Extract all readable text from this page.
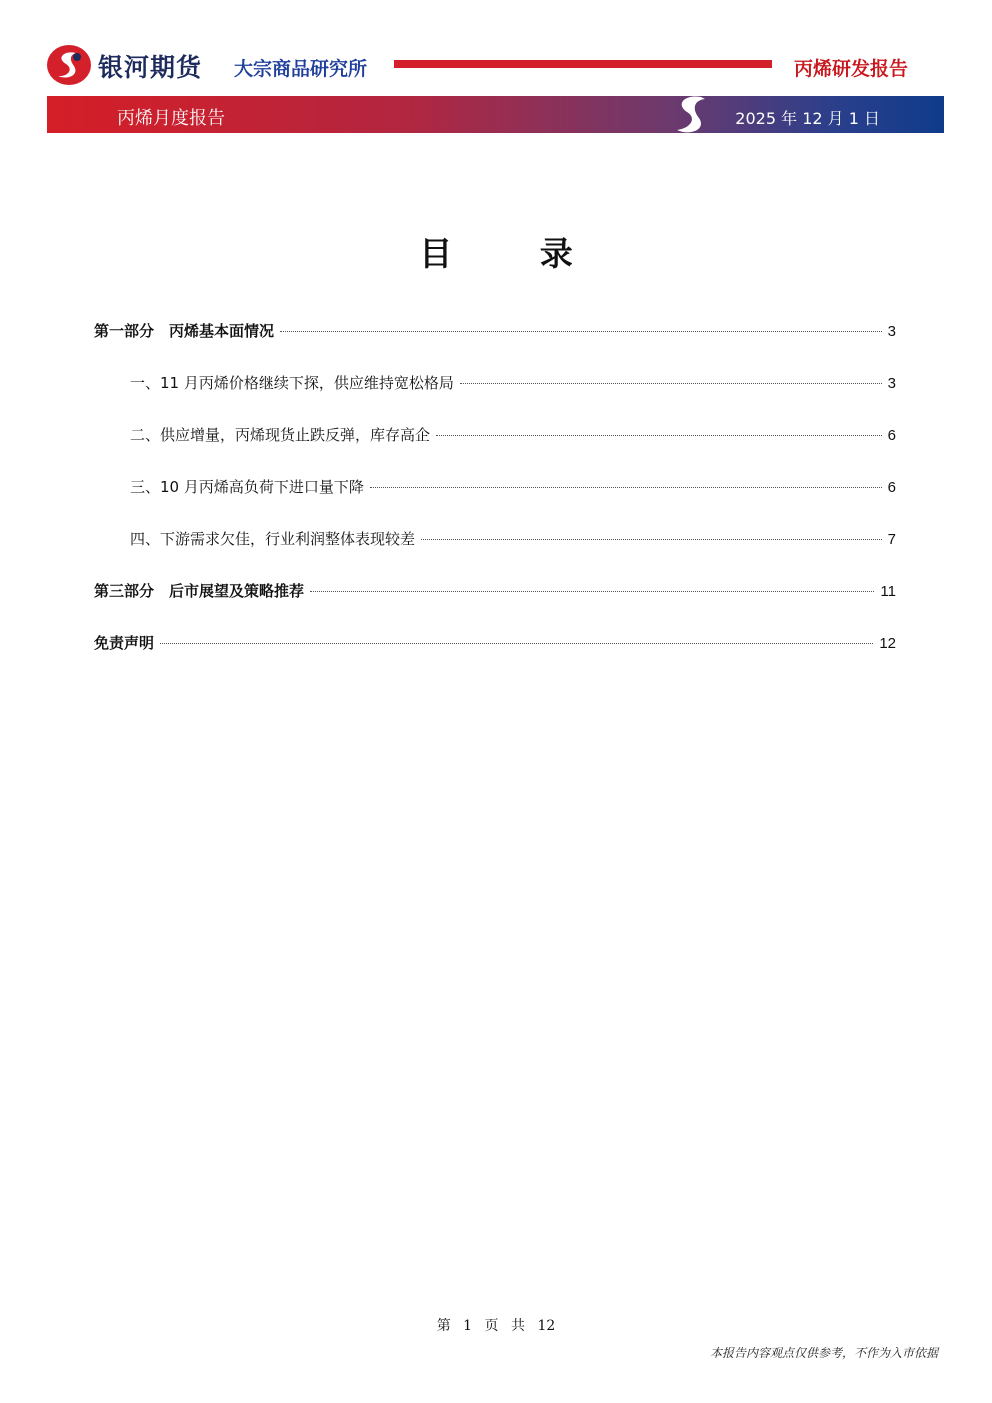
银河期货 大宗商品研究所	丙烯研发报告
丙烯月度报告	2025 年 12 月 1 日
目 录
第一部分　丙烯基本面情况	3
一、11 月丙烯价格继续下探，供应维持宽松格局	3
二、供应增量，丙烯现货止跌反弹，库存高企	6
三、10 月丙烯高负荷下进口量下降	6
四、下游需求欠佳，行业利润整体表现较差	7
第三部分　后市展望及策略推荐	11
免责声明	12
第 1 页 共 12
本报告内容观点仅供参考，不作为入市依据
